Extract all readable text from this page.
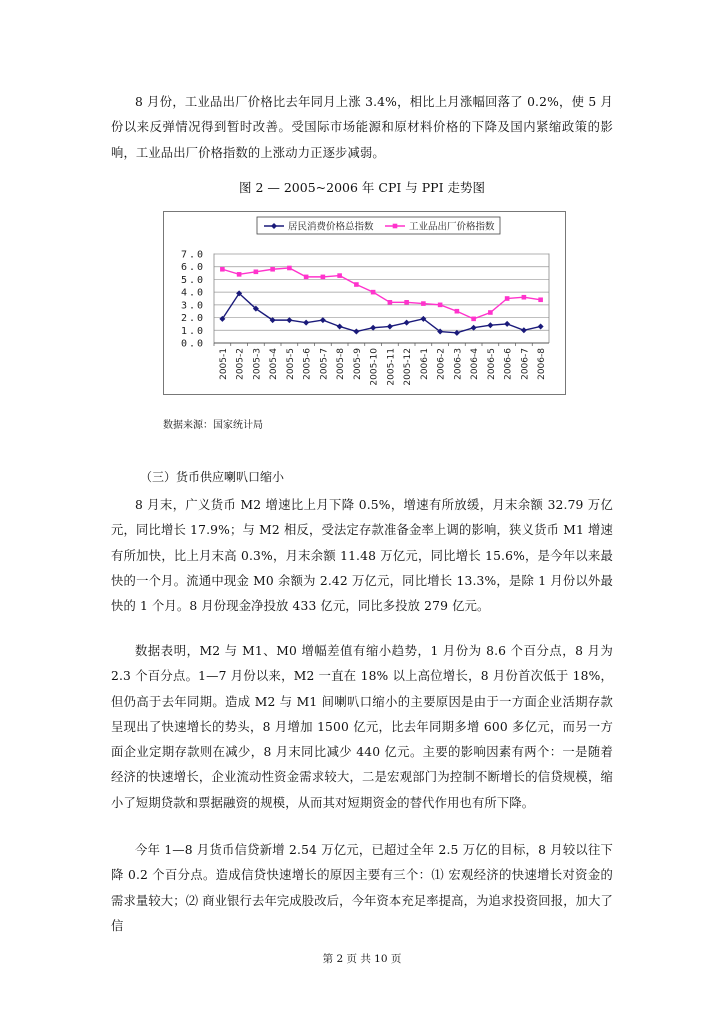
8 月份，工业品出厂价格比去年同月上涨 3.4%，相比上月涨幅回落了 0.2%，使 5 月份以来反弹情况得到暂时改善。受国际市场能源和原材料价格的下降及国内紧缩政策的影响，工业品出厂价格指数的上涨动力正逐步减弱。

图 2 — 2005~2006 年 CPI 与 PPI 走势图

0.0
1.0
2.0
3.0
4.0
5.0
6.0
7.0
2005-1 2005-2 2005-3 2005-4 2005-5 2005-6 2005-7 2005-8 2005-9 2005-10 2005-11 2005-12 2006-1 2006-2 2006-3 2006-4 2006-5 2006-6 2006-7 2006-8
居民消费价格总指数	工业品出厂价格指数

数据来源：国家统计局

（三）货币供应喇叭口缩小

8 月末，广义货币 M2 增速比上月下降 0.5%，增速有所放缓，月末余额 32.79 万亿元，同比增长 17.9%；与 M2 相反，受法定存款准备金率上调的影响，狭义货币 M1 增速有所加快，比上月末高 0.3%，月末余额 11.48 万亿元，同比增长 15.6%，是今年以来最快的一个月。流通中现金 M0 余额为 2.42 万亿元，同比增长 13.3%，是除 1 月份以外最快的 1 个月。8 月份现金净投放 433 亿元，同比多投放 279 亿元。

数据表明，M2 与 M1、M0 增幅差值有缩小趋势，1 月份为 8.6 个百分点，8 月为 2.3 个百分点。1—7 月份以来，M2 一直在 18% 以上高位增长，8 月份首次低于 18%，但仍高于去年同期。造成 M2 与 M1 间喇叭口缩小的主要原因是由于一方面企业活期存款呈现出了快速增长的势头，8 月增加 1500 亿元，比去年同期多增 600 多亿元，而另一方面企业定期存款则在减少，8 月末同比减少 440 亿元。主要的影响因素有两个：一是随着经济的快速增长，企业流动性资金需求较大，二是宏观部门为控制不断增长的信贷规模，缩小了短期贷款和票据融资的规模，从而其对短期资金的替代作用也有所下降。

今年 1—8 月货币信贷新增 2.54 万亿元，已超过全年 2.5 万亿的目标，8 月较以往下降 0.2 个百分点。造成信贷快速增长的原因主要有三个：⑴ 宏观经济的快速增长对资金的需求量较大；⑵ 商业银行去年完成股改后，今年资本充足率提高，为追求投资回报，加大了信

第 2 页 共 10 页
